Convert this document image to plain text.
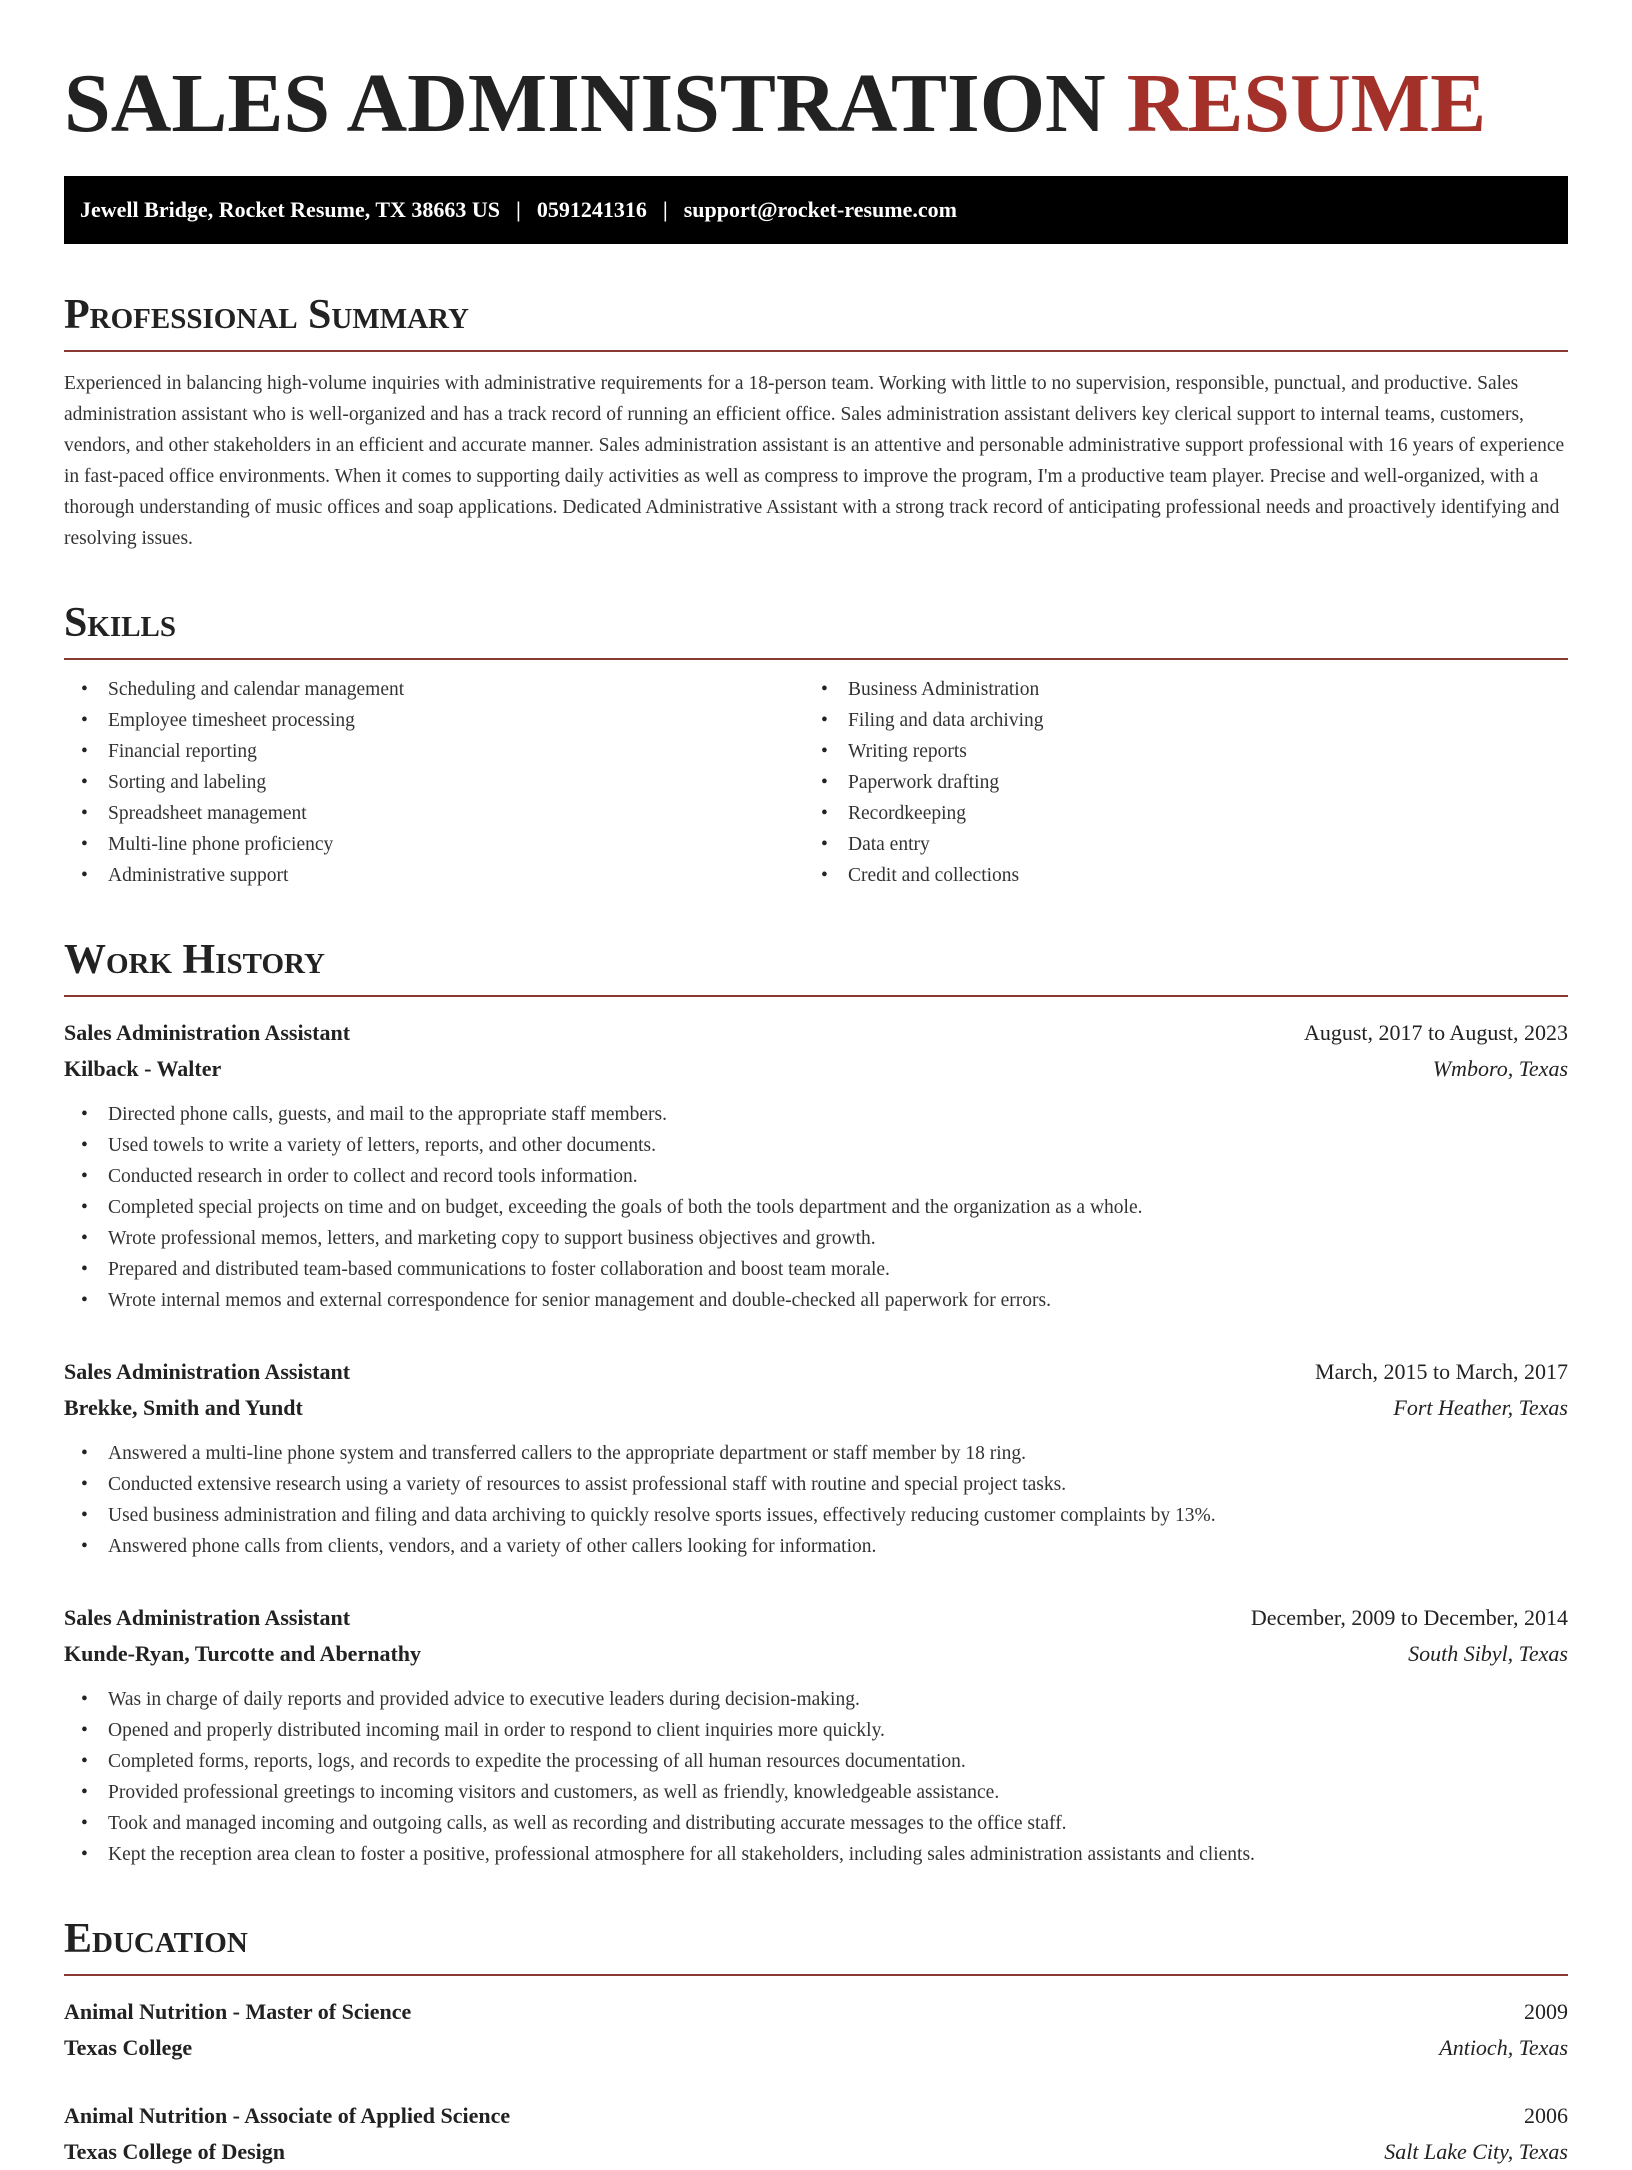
SALES ADMINISTRATION RESUME
Jewell Bridge, Rocket Resume, TX 38663 US | 0591241316 | support@rocket-resume.com
Professional Summary

Experienced in balancing high-volume inquiries with administrative requirements for a 18-person team. Working with little to no supervision, responsible, punctual, and productive. Sales administration assistant who is well-organized and has a track record of running an efficient office. Sales administration assistant delivers key clerical support to internal teams, customers, vendors, and other stakeholders in an efficient and accurate manner. Sales administration assistant is an attentive and personable administrative support professional with 16 years of experience in fast-paced office environments. When it comes to supporting daily activities as well as compress to improve the program, I'm a productive team player. Precise and well-organized, with a thorough understanding of music offices and soap applications. Dedicated Administrative Assistant with a strong track record of anticipating professional needs and proactively identifying and resolving issues.

Skills
• Scheduling and calendar management
• Employee timesheet processing
• Financial reporting
• Sorting and labeling
• Spreadsheet management
• Multi-line phone proficiency
• Administrative support
• Business Administration
• Filing and data archiving
• Writing reports
• Paperwork drafting
• Recordkeeping
• Data entry
• Credit and collections
Work History
Sales Administration Assistant	August, 2017 to August, 2023
Kilback - Walter	Wmboro, Texas
• Directed phone calls, guests, and mail to the appropriate staff members.
• Used towels to write a variety of letters, reports, and other documents.
• Conducted research in order to collect and record tools information.
• Completed special projects on time and on budget, exceeding the goals of both the tools department and the organization as a whole.
• Wrote professional memos, letters, and marketing copy to support business objectives and growth.
• Prepared and distributed team-based communications to foster collaboration and boost team morale.
• Wrote internal memos and external correspondence for senior management and double-checked all paperwork for errors.
Sales Administration Assistant	March, 2015 to March, 2017
Brekke, Smith and Yundt	Fort Heather, Texas
• Answered a multi-line phone system and transferred callers to the appropriate department or staff member by 18 ring.
• Conducted extensive research using a variety of resources to assist professional staff with routine and special project tasks.
• Used business administration and filing and data archiving to quickly resolve sports issues, effectively reducing customer complaints by 13%.
• Answered phone calls from clients, vendors, and a variety of other callers looking for information.
Sales Administration Assistant	December, 2009 to December, 2014
Kunde-Ryan, Turcotte and Abernathy	South Sibyl, Texas
• Was in charge of daily reports and provided advice to executive leaders during decision-making.
• Opened and properly distributed incoming mail in order to respond to client inquiries more quickly.
• Completed forms, reports, logs, and records to expedite the processing of all human resources documentation.
• Provided professional greetings to incoming visitors and customers, as well as friendly, knowledgeable assistance.
• Took and managed incoming and outgoing calls, as well as recording and distributing accurate messages to the office staff.
• Kept the reception area clean to foster a positive, professional atmosphere for all stakeholders, including sales administration assistants and clients.
Education
Animal Nutrition - Master of Science	2009
Texas College	Antioch, Texas
Animal Nutrition - Associate of Applied Science	2006
Texas College of Design	Salt Lake City, Texas
